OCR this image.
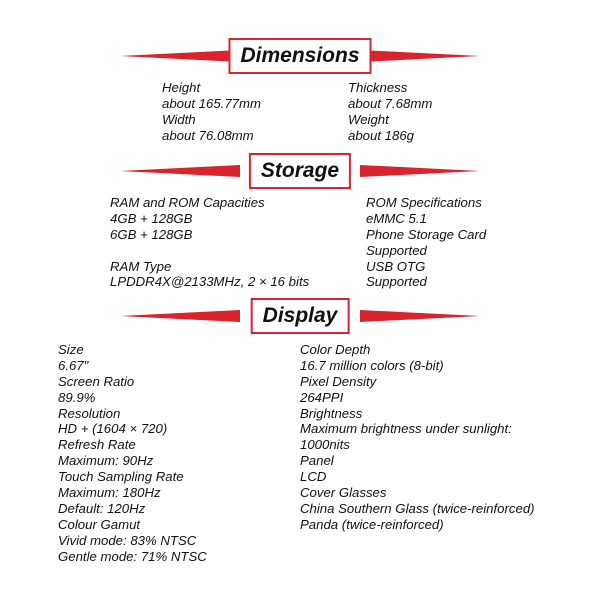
Dimensions
Height
about 165.77mm
Width
about 76.08mm
Thickness
about 7.68mm
Weight
about 186g
Storage
RAM and ROM Capacities
4GB + 128GB
6GB + 128GB
RAM Type
LPDDR4X@2133MHz, 2 × 16 bits
ROM Specifications
eMMC 5.1
Phone Storage Card
Supported
USB OTG
Supported
Display
Size
6.67"
Screen Ratio
89.9%
Resolution
HD + (1604 × 720)
Refresh Rate
Maximum: 90Hz
Touch Sampling Rate
Maximum: 180Hz
Default: 120Hz
Colour Gamut
Vivid mode: 83% NTSC
Gentle mode: 71% NTSC
Color Depth
16.7 million colors (8-bit)
Pixel Density
264PPI
Brightness
Maximum brightness under sunlight:
1000nits
Panel
LCD
Cover Glasses
China Southern Glass (twice-reinforced)
Panda (twice-reinforced)
